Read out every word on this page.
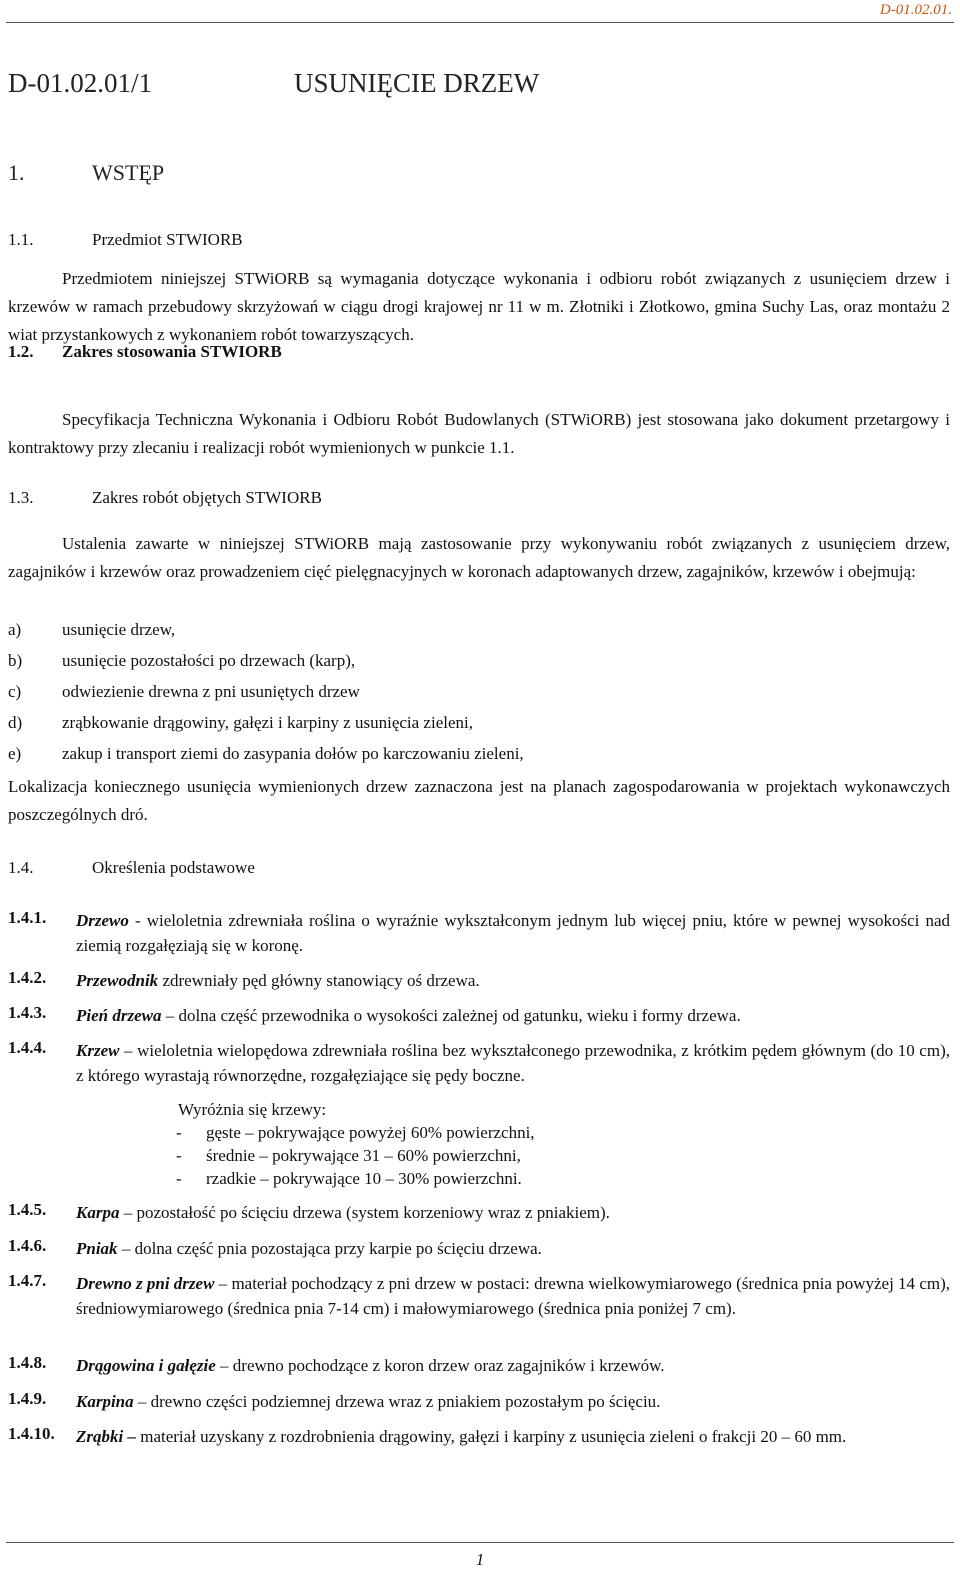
D-01.02.01.
D-01.02.01/1	USUNIĘCIE DRZEW
1.	WSTĘP
1.1.	Przedmiot STWIORB
Przedmiotem niniejszej STWiORB są wymagania dotyczące wykonania i odbioru robót związanych z usunięciem drzew i krzewów w ramach przebudowy skrzyżowań w ciągu drogi krajowej nr 11 w m. Złotniki i Złotkowo, gmina Suchy Las, oraz montażu 2 wiat przystankowych z wykonaniem robót towarzyszących.
1.2. Zakres stosowania STWIORB
Specyfikacja Techniczna Wykonania i Odbioru Robót Budowlanych (STWiORB) jest stosowana jako dokument przetargowy i kontraktowy przy zlecaniu i realizacji robót wymienionych w punkcie 1.1.
1.3.	Zakres robót objętych STWIORB
Ustalenia zawarte w niniejszej STWiORB mają zastosowanie przy wykonywaniu robót związanych z usunięciem drzew, zagajników i krzewów oraz prowadzeniem cięć pielęgnacyjnych w koronach adaptowanych drzew, zagajników, krzewów i obejmują:
a) usunięcie drzew,
b) usunięcie pozostałości po drzewach (karp),
c) odwiezienie drewna z pni usuniętych drzew
d) zrąbkowanie drągowiny, gałęzi i karpiny z usunięcia zieleni,
e) zakup i transport ziemi do zasypania dołów po karczowaniu zieleni,
Lokalizacja koniecznego usunięcia wymienionych drzew zaznaczona jest na planach zagospodarowania w projektach wykonawczych poszczególnych dró.
1.4.	Określenia podstawowe
1.4.1. Drzewo - wieloletnia zdrewniała roślina o wyraźnie wykształconym jednym lub więcej pniu, które w pewnej wysokości nad ziemią rozgałęziają się w koronę.
1.4.2. Przewodnik zdrewniały pęd główny stanowiący oś drzewa.
1.4.3. Pień drzewa – dolna część przewodnika o wysokości zależnej od gatunku, wieku i formy drzewa.
1.4.4. Krzew – wieloletnia wielopędowa zdrewniała roślina bez wykształconego przewodnika, z krótkim pędem głównym (do 10 cm), z którego wyrastają równorzędne, rozgałęziające się pędy boczne.
Wyróżnia się krzewy:
- gęste – pokrywające powyżej 60% powierzchni,
- średnie – pokrywające 31 – 60% powierzchni,
- rzadkie – pokrywające 10 – 30% powierzchni.
1.4.5. Karpa – pozostałość po ścięciu drzewa (system korzeniowy wraz z pniakiem).
1.4.6. Pniak – dolna część pnia pozostająca przy karpie po ścięciu drzewa.
1.4.7. Drewno z pni drzew – materiał pochodzący z pni drzew w postaci: drewna wielkowymiarowego (średnica pnia powyżej 14 cm), średniowymiarowego (średnica pnia 7-14 cm) i małowymiarowego (średnica pnia poniżej 7 cm).
1.4.8. Drągowina i gałęzie – drewno pochodzące z koron drzew oraz zagajników i krzewów.
1.4.9. Karpina – drewno części podziemnej drzewa wraz z pniakiem pozostałym po ścięciu.
1.4.10. Zrąbki – materiał uzyskany z rozdrobnienia drągowiny, gałęzi i karpiny z usunięcia zieleni o frakcji 20 – 60 mm.
1
